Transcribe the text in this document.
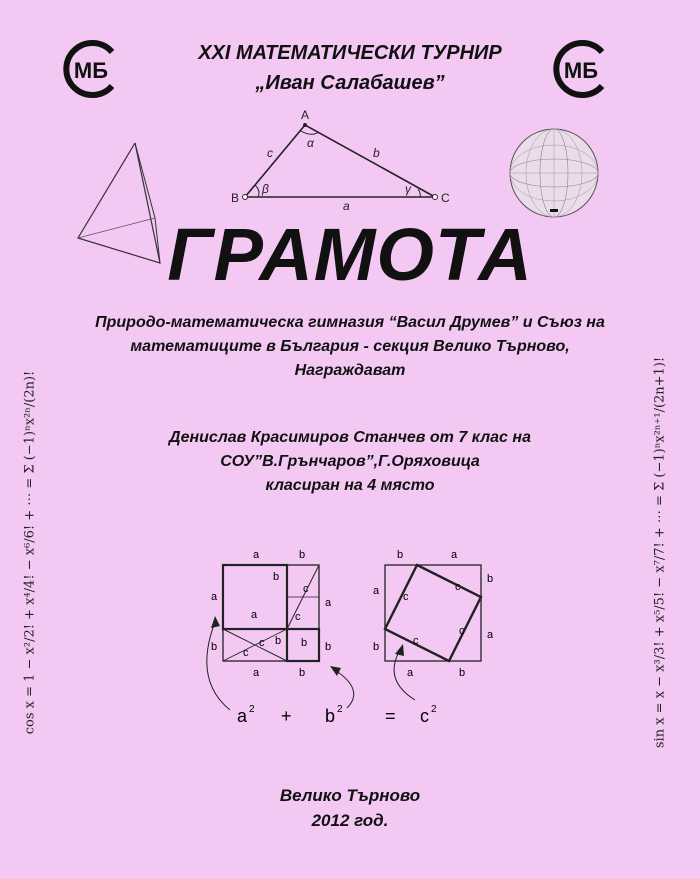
МБ	МБ
XXI МАТЕМАТИЧЕСКИ ТУРНИР
„Иван Салабашев”
A
B	C
c	b
a
α
β	γ
ГРАМОТА
Природо-математическа гимназия “Васил Друмев” и Съюз на
математиците в България - секция Велико Търново,
Награждават
Денислав Красимиров Станчев от 7 клас на
СОУ”В.Грънчаров”,Г.Оряховица
класиран на 4 място
cos x = 1 − x²/2! + x⁴/4! − x⁶/6! + ⋯ = Σ (−1)ⁿx²ⁿ/(2n)!	sin x = x − x³/3! + x⁵/5! − x⁷/7! + ⋯ = Σ (−1)ⁿx²ⁿ⁺¹/(2n+1)!
a	b
a
b
a	b
a
b
a
b
c
c
c
c
b b
b	a
b
a
a
b
a	b
c
c
c
c
a 2 + b 2 = c 2
Велико Търново
2012 год.
